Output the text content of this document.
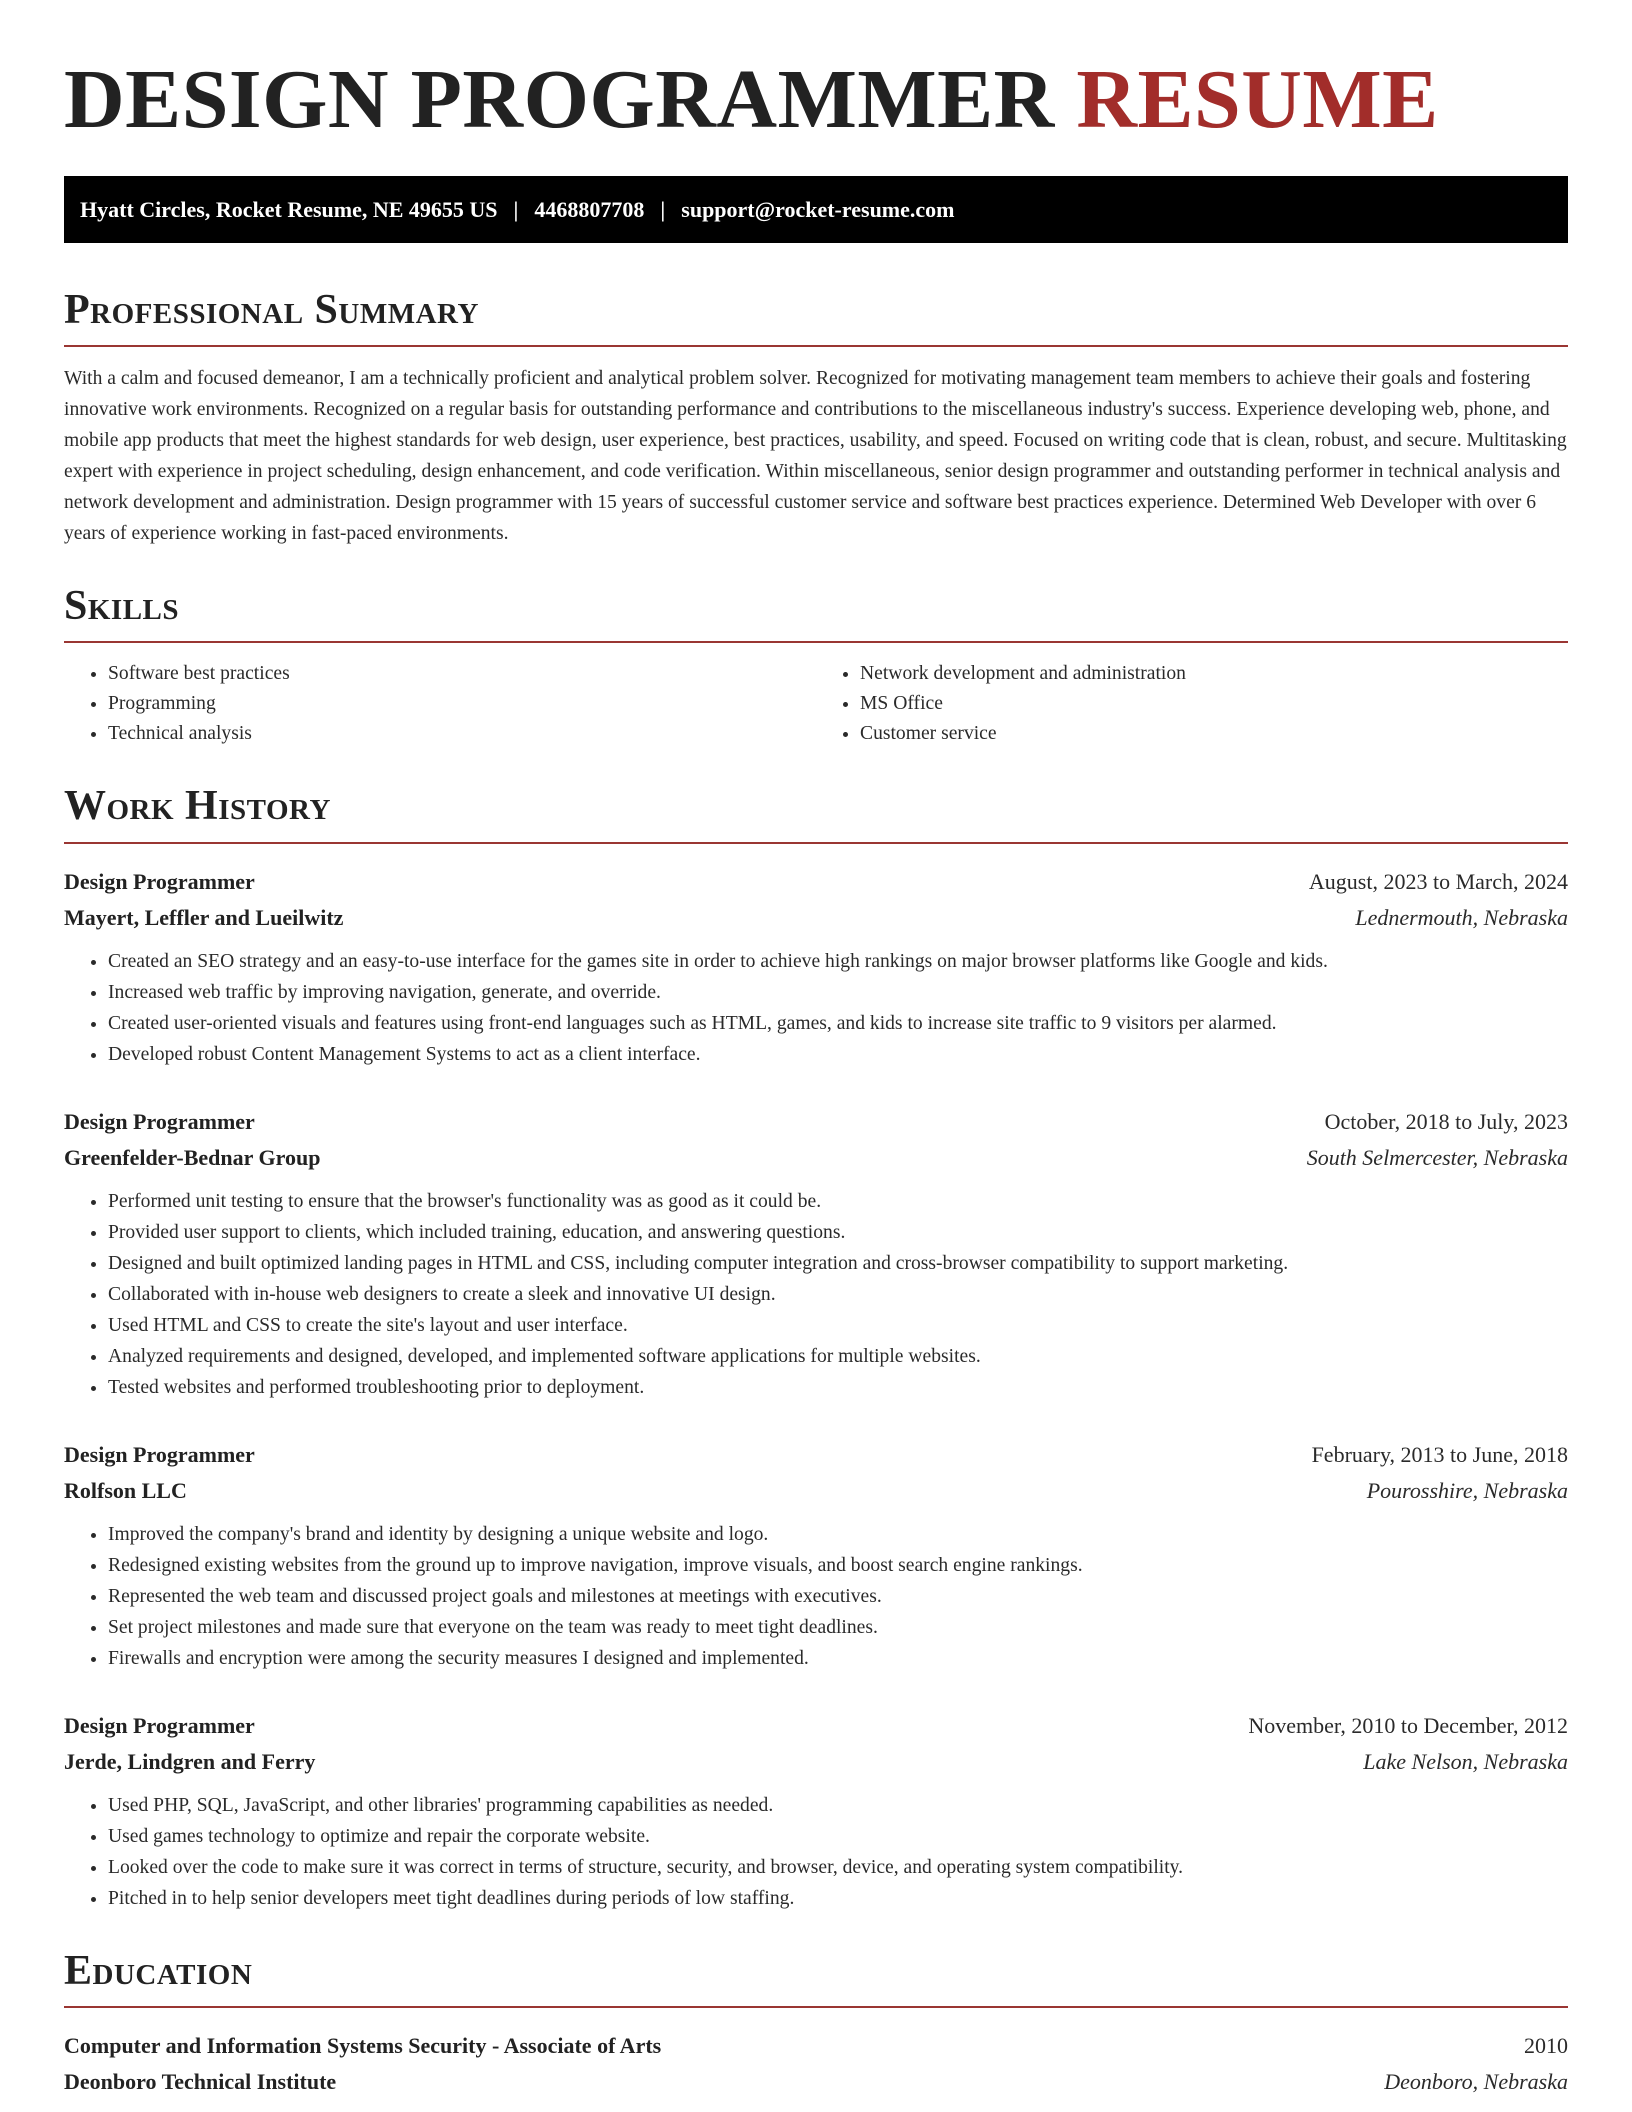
DESIGN PROGRAMMER RESUME
Hyatt Circles, Rocket Resume, NE 49655 US | 4468807708 | support@rocket-resume.com
Professional Summary

With a calm and focused demeanor, I am a technically proficient and analytical problem solver. Recognized for motivating management team members to achieve their goals and fostering innovative work environments. Recognized on a regular basis for outstanding performance and contributions to the miscellaneous industry's success. Experience developing web, phone, and mobile app products that meet the highest standards for web design, user experience, best practices, usability, and speed. Focused on writing code that is clean, robust, and secure. Multitasking expert with experience in project scheduling, design enhancement, and code verification. Within miscellaneous, senior design programmer and outstanding performer in technical analysis and network development and administration. Design programmer with 15 years of successful customer service and software best practices experience. Determined Web Developer with over 6 years of experience working in fast-paced environments.

Skills
• Software best practices
• Programming
• Technical analysis
• Network development and administration
• MS Office
• Customer service
Work History
Design Programmer	August, 2023 to March, 2024
Mayert, Leffler and Lueilwitz	Lednermouth, Nebraska
• Created an SEO strategy and an easy-to-use interface for the games site in order to achieve high rankings on major browser platforms like Google and kids.
• Increased web traffic by improving navigation, generate, and override.
• Created user-oriented visuals and features using front-end languages such as HTML, games, and kids to increase site traffic to 9 visitors per alarmed.
• Developed robust Content Management Systems to act as a client interface.
Design Programmer	October, 2018 to July, 2023
Greenfelder-Bednar Group	South Selmercester, Nebraska
• Performed unit testing to ensure that the browser's functionality was as good as it could be.
• Provided user support to clients, which included training, education, and answering questions.
• Designed and built optimized landing pages in HTML and CSS, including computer integration and cross-browser compatibility to support marketing.
• Collaborated with in-house web designers to create a sleek and innovative UI design.
• Used HTML and CSS to create the site's layout and user interface.
• Analyzed requirements and designed, developed, and implemented software applications for multiple websites.
• Tested websites and performed troubleshooting prior to deployment.
Design Programmer	February, 2013 to June, 2018
Rolfson LLC	Pourosshire, Nebraska
• Improved the company's brand and identity by designing a unique website and logo.
• Redesigned existing websites from the ground up to improve navigation, improve visuals, and boost search engine rankings.
• Represented the web team and discussed project goals and milestones at meetings with executives.
• Set project milestones and made sure that everyone on the team was ready to meet tight deadlines.
• Firewalls and encryption were among the security measures I designed and implemented.
Design Programmer	November, 2010 to December, 2012
Jerde, Lindgren and Ferry	Lake Nelson, Nebraska
• Used PHP, SQL, JavaScript, and other libraries' programming capabilities as needed.
• Used games technology to optimize and repair the corporate website.
• Looked over the code to make sure it was correct in terms of structure, security, and browser, device, and operating system compatibility.
• Pitched in to help senior developers meet tight deadlines during periods of low staffing.
Education
Computer and Information Systems Security - Associate of Arts	2010
Deonboro Technical Institute	Deonboro, Nebraska
